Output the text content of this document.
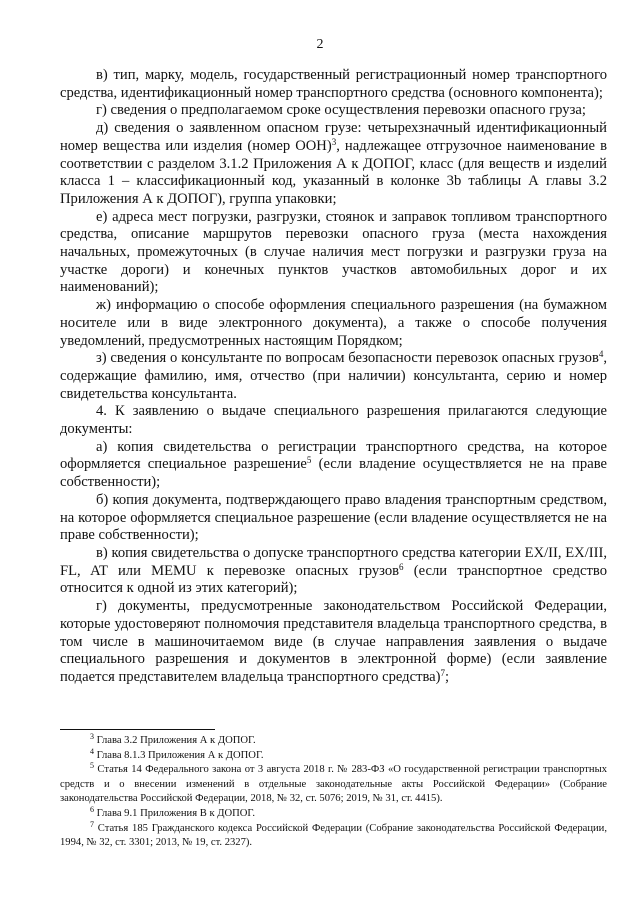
2

в) тип, марку, модель, государственный регистрационный номер транспортного средства, идентификационный номер транспортного средства (основного компонента);

г) сведения о предполагаемом сроке осуществления перевозки опасного груза;

д) сведения о заявленном опасном грузе: четырехзначный идентификационный номер вещества или изделия (номер ООН)$^3$, надлежащее отгрузочное наименование в соответствии с разделом 3.1.2 Приложения А к ДОПОГ, класс (для веществ и изделий класса 1 – классификационный код, указанный в колонке 3b таблицы А главы 3.2 Приложения А к ДОПОГ), группа упаковки;

е) адреса мест погрузки, разгрузки, стоянок и заправок топливом транспортного средства, описание маршрутов перевозки опасного груза (места нахождения начальных, промежуточных (в случае наличия мест погрузки и разгрузки груза на участке дороги) и конечных пунктов участков автомобильных дорог и их наименований);

ж) информацию о способе оформления специального разрешения (на бумажном носителе или в виде электронного документа), а также о способе получения уведомлений, предусмотренных настоящим Порядком;

з) сведения о консультанте по вопросам безопасности перевозок опасных грузов$^4$, содержащие фамилию, имя, отчество (при наличии) консультанта, серию и номер свидетельства консультанта.

4. К заявлению о выдаче специального разрешения прилагаются следующие документы:

а) копия свидетельства о регистрации транспортного средства, на которое оформляется специальное разрешение$^5$ (если владение осуществляется не на праве собственности);

б) копия документа, подтверждающего право владения транспортным средством, на которое оформляется специальное разрешение (если владение осуществляется не на праве собственности);

в) копия свидетельства о допуске транспортного средства категории EX/II, EX/III, FL, AT или MEMU к перевозке опасных грузов$^6$ (если транспортное средство относится к одной из этих категорий);

г) документы, предусмотренные законодательством Российской Федерации, которые удостоверяют полномочия представителя владельца транспортного средства, в том числе в машиночитаемом виде (в случае направления заявления о выдаче специального разрешения и документов в электронной форме) (если заявление подается представителем владельца транспортного средства)$^7$;

$^3$ Глава 3.2 Приложения А к ДОПОГ.

$^4$ Глава 8.1.3 Приложения А к ДОПОГ.

$^5$ Статья 14 Федерального закона от 3 августа 2018 г. № 283-ФЗ «О государственной регистрации транспортных средств и о внесении изменений в отдельные законодательные акты Российской Федерации» (Собрание законодательства Российской Федерации, 2018, № 32, ст. 5076; 2019, № 31, ст. 4415).

$^6$ Глава 9.1 Приложения В к ДОПОГ.

$^7$ Статья 185 Гражданского кодекса Российской Федерации (Собрание законодательства Российской Федерации, 1994, № 32, ст. 3301; 2013, № 19, ст. 2327).
